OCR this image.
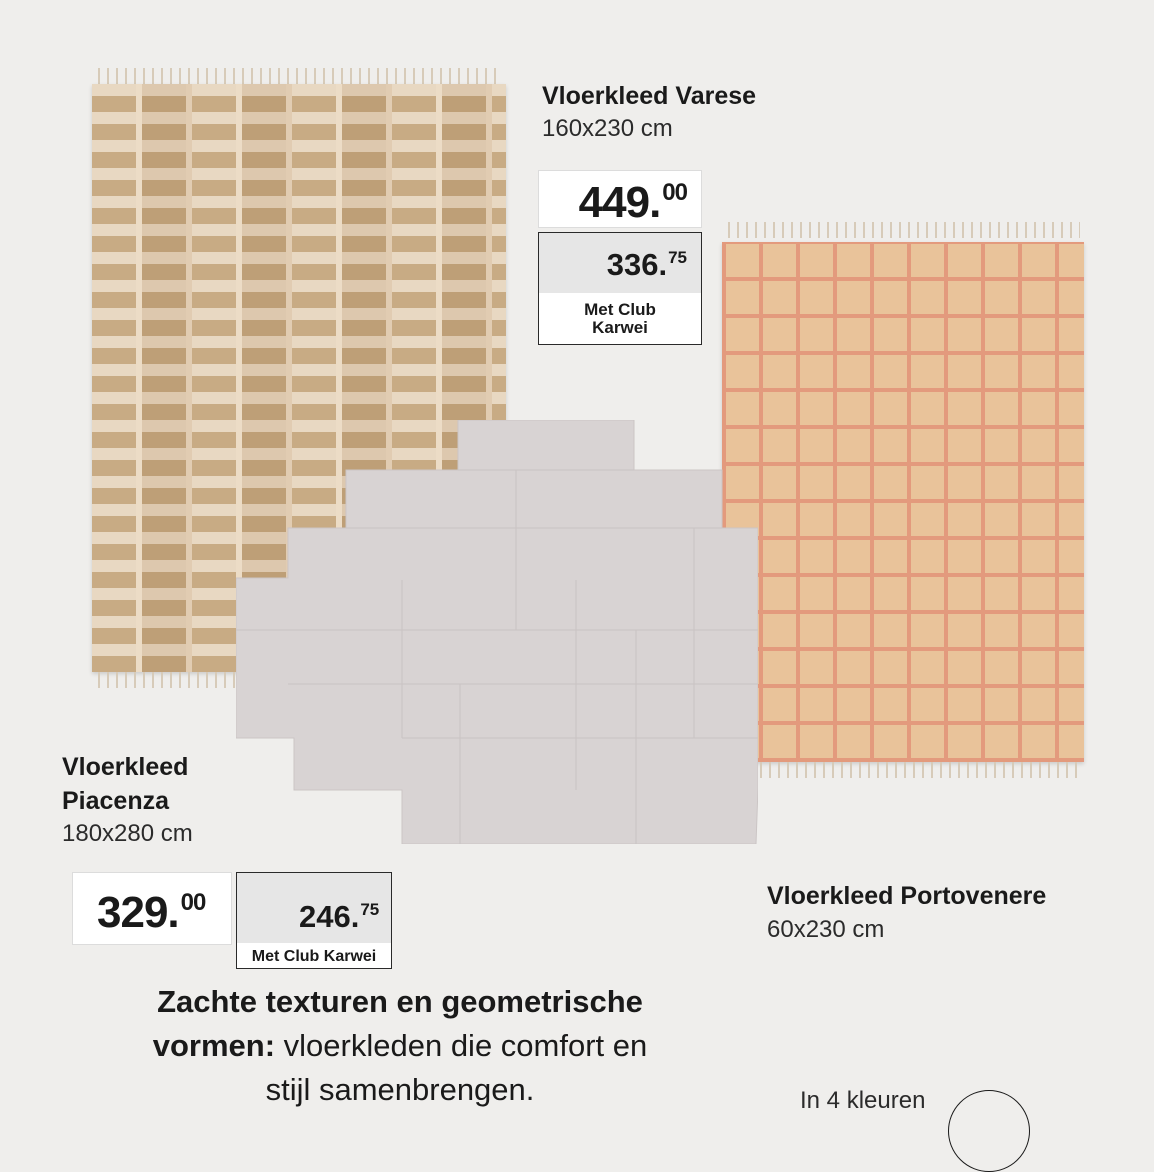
Vloerkleed Varese
160x230 cm
449.00
336.75
Met Club
Karwei
Vloerkleed
Piacenza
180x280 cm
329.00	246.75
Met Club Karwei
Vloerkleed Portovenere
60x230 cm
Zachte texturen en geometrische
vormen: vloerkleden die comfort en
stijl samenbrengen.	In 4 kleuren
